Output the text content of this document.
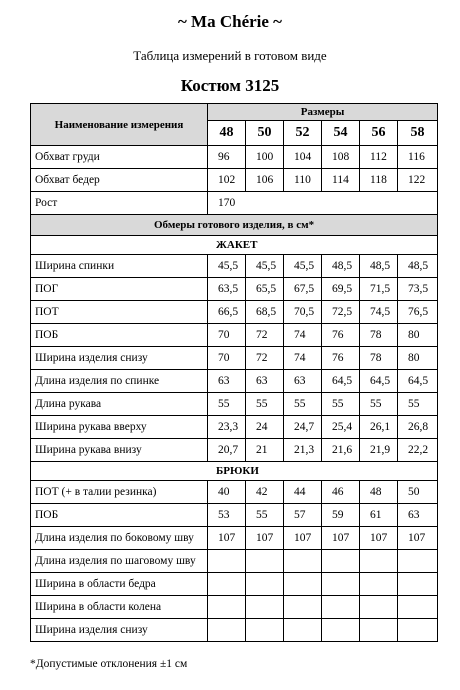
~ Ma Chérie ~
Таблица измерений в готовом виде
Костюм 3125
Наименование измерения	Размеры					
	48	50	52	54	56	58
Обхват груди	96	100	104	108	112	116
Обхват бедер	102	106	110	114	118	122
Рост	170					
Обмеры готового изделия, в см*						
ЖАКЕТ						
Ширина спинки	45,5	45,5	45,5	48,5	48,5	48,5
ПОГ	63,5	65,5	67,5	69,5	71,5	73,5
ПОТ	66,5	68,5	70,5	72,5	74,5	76,5
ПОБ	70	72	74	76	78	80
Ширина изделия снизу	70	72	74	76	78	80
Длина изделия по спинке	63	63	63	64,5	64,5	64,5
Длина рукава	55	55	55	55	55	55
Ширина рукава вверху	23,3	24	24,7	25,4	26,1	26,8
Ширина рукава внизу	20,7	21	21,3	21,6	21,9	22,2
БРЮКИ						
ПОТ (+ в талии резинка)	40	42	44	46	48	50
ПОБ	53	55	57	59	61	63
Длина изделия по боковому шву	107	107	107	107	107	107
Длина изделия по шаговому шву						
Ширина в области бедра						
Ширина в области колена						
Ширина изделия снизу						
*Допустимые отклонения ±1 см
